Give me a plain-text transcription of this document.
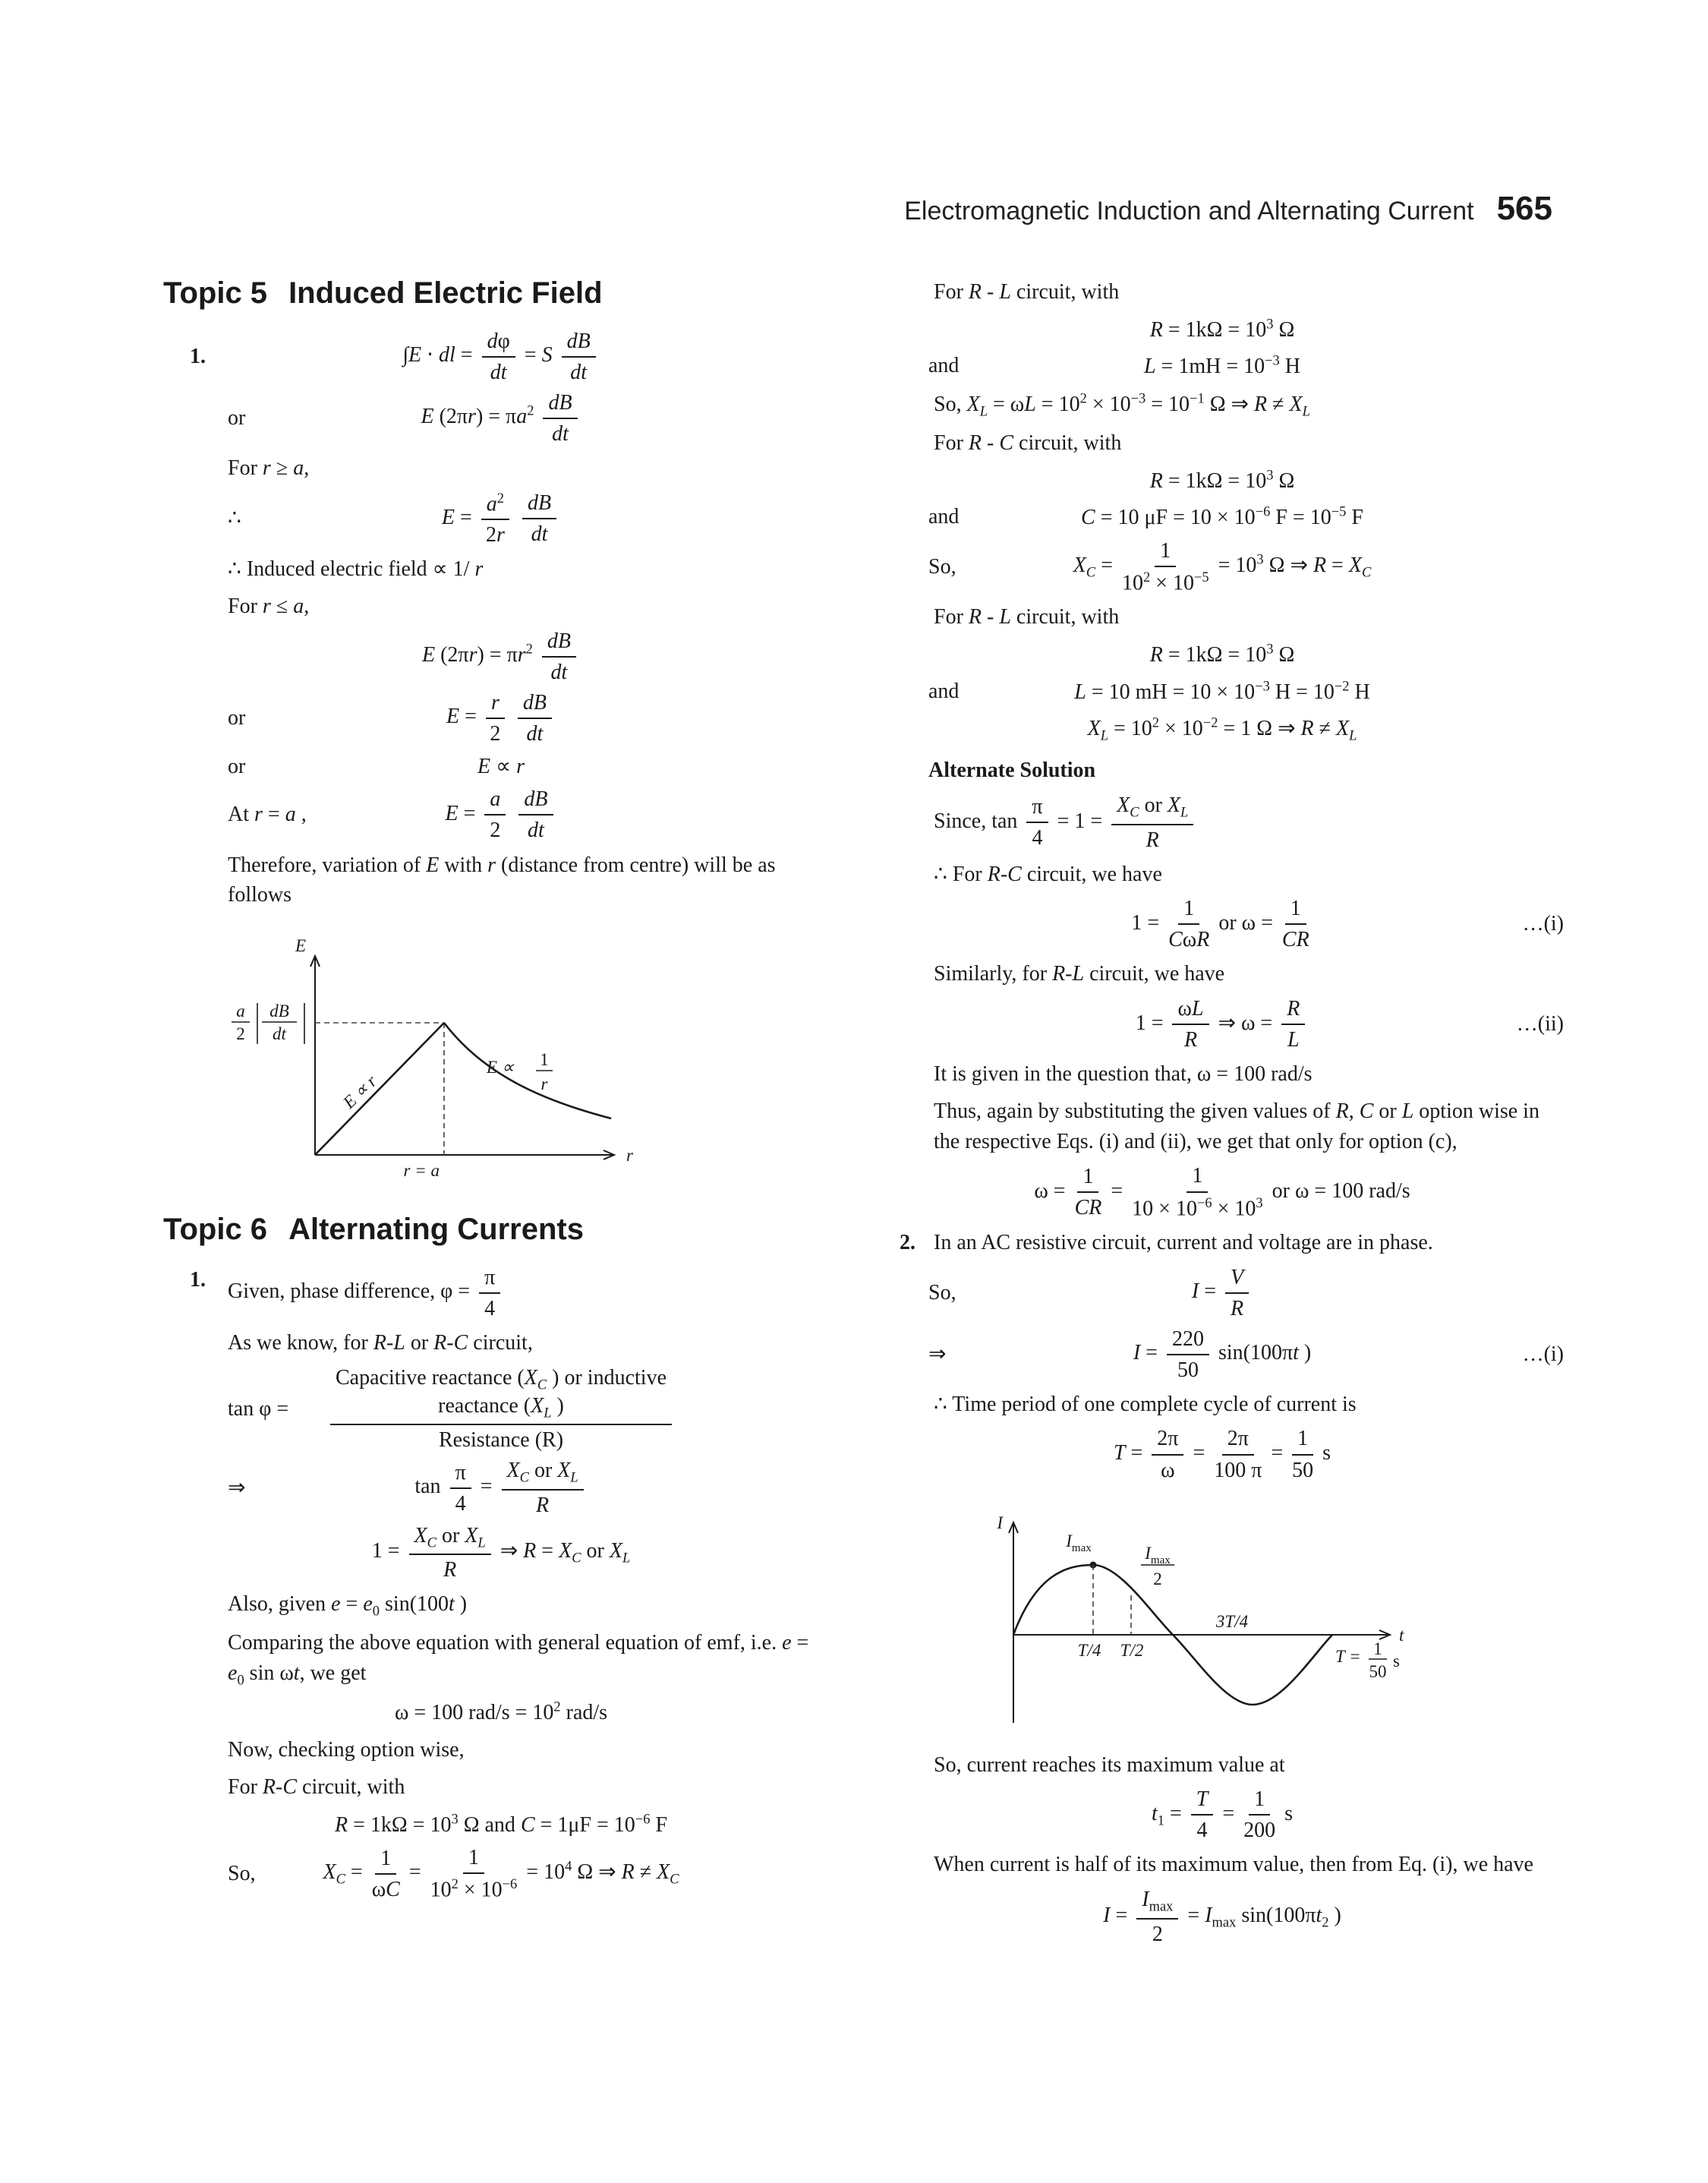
Electromagnetic Induction and Alternating Current 565
Topic 5 Induced Electric Field
1.	∫E ⋅ dl = $\frac{d\varphi}{dt} = S \frac{dB}{dt}$
or	E $(2\pi r) = \pi a^2 \frac{dB}{dt}$
For r ≥ a,
∴	$E = \frac{a^2}{2r}$
$\frac{dB}{dt}$
∴ Induced electric field ∝ 1/ r
For r ≤ a,
E $(2\pi r) = \pi r^2 \frac{dB}{dt}$
or	$E = \frac{r}{2}$
$\frac{dB}{dt}$
or	E ∝ r
At r = a ,	$E = \frac{a}{2}$
$\frac{dB}{dt}$
Therefore, variation of E with r (distance from centre) will be as follows
E
r
a
2
dB
dt
E ∝ r
E ∝ 1
r
r = a
Topic 6 Alternating Currents
1. Given, phase difference, $\varphi = \frac{\pi}{4}$
As we know, for R-L or R-C circuit,
tan φ =
Capacitive reactance ($X_C$ ) or inductive
reactance ($X_L$ )
Resistance (R)
⇒	$\tan \frac{\pi}{4} = \frac{X_C or X_L}{R}$
$1 = \frac{X_C or X_L}{R}$ ⇒ $R = X_C$ or $X_L$
Also, given $e = e_0$ sin(100t )
Comparing the above equation with general equation of emf, i.e. $e = e_0$ sin ωt, we get
ω = 100 $rad/s = 10^2$ rad/s
Now, checking option wise,
For R-C circuit, with
$R = 1k\Omega = 10^3$ Ω and $C = 1\mu F = 10^{-6}$ F
So,	$X_C = \frac{1}{\omega C} = \frac{1}{10^2 \times 10^{-6}} = 10^4$ Ω ⇒ $R \ne X_C$
For R - L circuit, with
$R = 1k\Omega = 10^3$ Ω
and	$L = 1mH = 10^{-3}$ H
So, $X_L = \omega L = 10^2 \times 10^{-3} = 10^{-1}$ Ω ⇒ $R \ne X_L$
For R - C circuit, with
$R = 1k\Omega = 10^3$ Ω
and	C = 10 $\mu F = 10 \times 10^{-6}$ $F = 10^{-5}$ F
So,	$X_C = \frac{1}{10^2 \times 10^{-5}} = 10^3$ Ω ⇒ $R = X_C$
For R - L circuit, with
$R = 1k\Omega = 10^3$ Ω
and	L = 10 mH = $10 \times 10^{-3}$ $H = 10^{-2}$ H
$X_L = 10^2 \times 10^{-2} = 1$ Ω ⇒ $R \ne X_L$
Alternate Solution
Since, $\tan \frac{\pi}{4} = 1 = \frac{X_C or X_L}{R}$
∴ For R-C circuit, we have
1 =
1
CωR
or $\omega = \frac{1}{CR}$	…(i)
Similarly, for R-L circuit, we have
$1 = \frac{\omega L}{R}$ ⇒ $\omega = \frac{R}{L}$	…(ii)
It is given in the question that, ω = 100 rad/s
Thus, again by substituting the given values of R, C or L option wise in the respective Eqs. (i) and (ii), we get that only for option (c),
$\omega = \frac{1}{CR} = \frac{1}{10 \times 10^{-6} \times 10^3}$ or ω = 100 rad/s
2. In an AC resistive circuit, current and voltage are in phase.
So,	$I = \frac{V}{R}$
⇒	$I = \frac{220}{50} \sin(100\pi t$ )	…(i)
∴ Time period of one complete cycle of current is
$T = \frac{2\pi}{\omega} = \frac{2\pi}{100 \pi} = \frac{1}{50}$ s
I
t
$I_{max}$	$I_{max}$
2
T/4 T/2
3T/4
T = 1
50
s
So, current reaches its maximum value at
$t_1 = \frac{T}{4} = \frac{1}{200}$ s
When current is half of its maximum value, then from Eq. (i), we have
I =
$I_{max}$
2
= $I_{max}$ $\sin(100\pi t_2$ )
